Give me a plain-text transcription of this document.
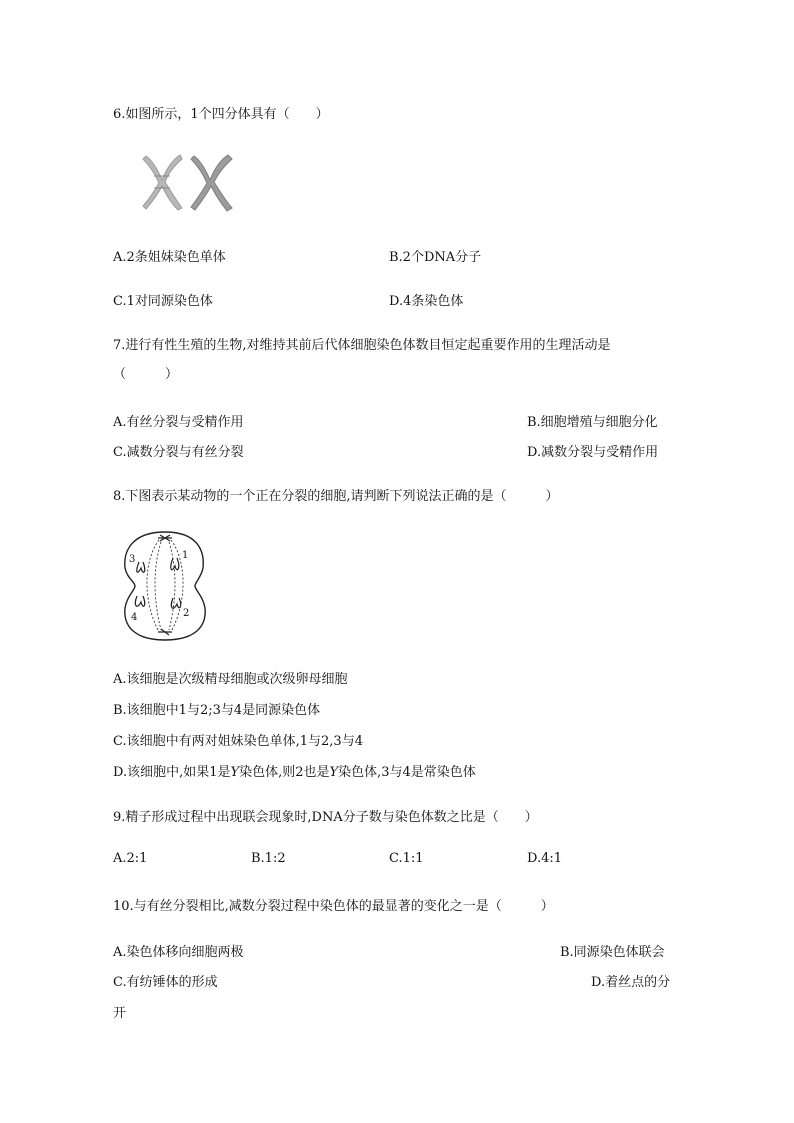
6.如图所示，1个四分体具有（　　）
A.2条姐妹染色单体	B.2个DNA分子
C.1对同源染色体	D.4条染色体
7.进行有性生殖的生物,对维持其前后代体细胞染色体数目恒定起重要作用的生理活动是
（　　　）
A.有丝分裂与受精作用	B.细胞增殖与细胞分化
C.减数分裂与有丝分裂	D.减数分裂与受精作用
8.下图表示某动物的一个正在分裂的细胞,请判断下列说法正确的是（　　　）
3	1
4	2
A.该细胞是次级精母细胞或次级卵母细胞
B.该细胞中1与2;3与4是同源染色体
C.该细胞中有两对姐妹染色单体,1与2,3与4
D.该细胞中,如果1是Y染色体,则2也是Y染色体,3与4是常染色体
9.精子形成过程中出现联会现象时,DNA分子数与染色体数之比是（　　）
A.2:1	B.1:2	C.1:1	D.4:1
10.与有丝分裂相比,减数分裂过程中染色体的最显著的变化之一是（　　　）
A.染色体移向细胞两极	B.同源染色体联会
C.有纺锤体的形成	D.着丝点的分
开
